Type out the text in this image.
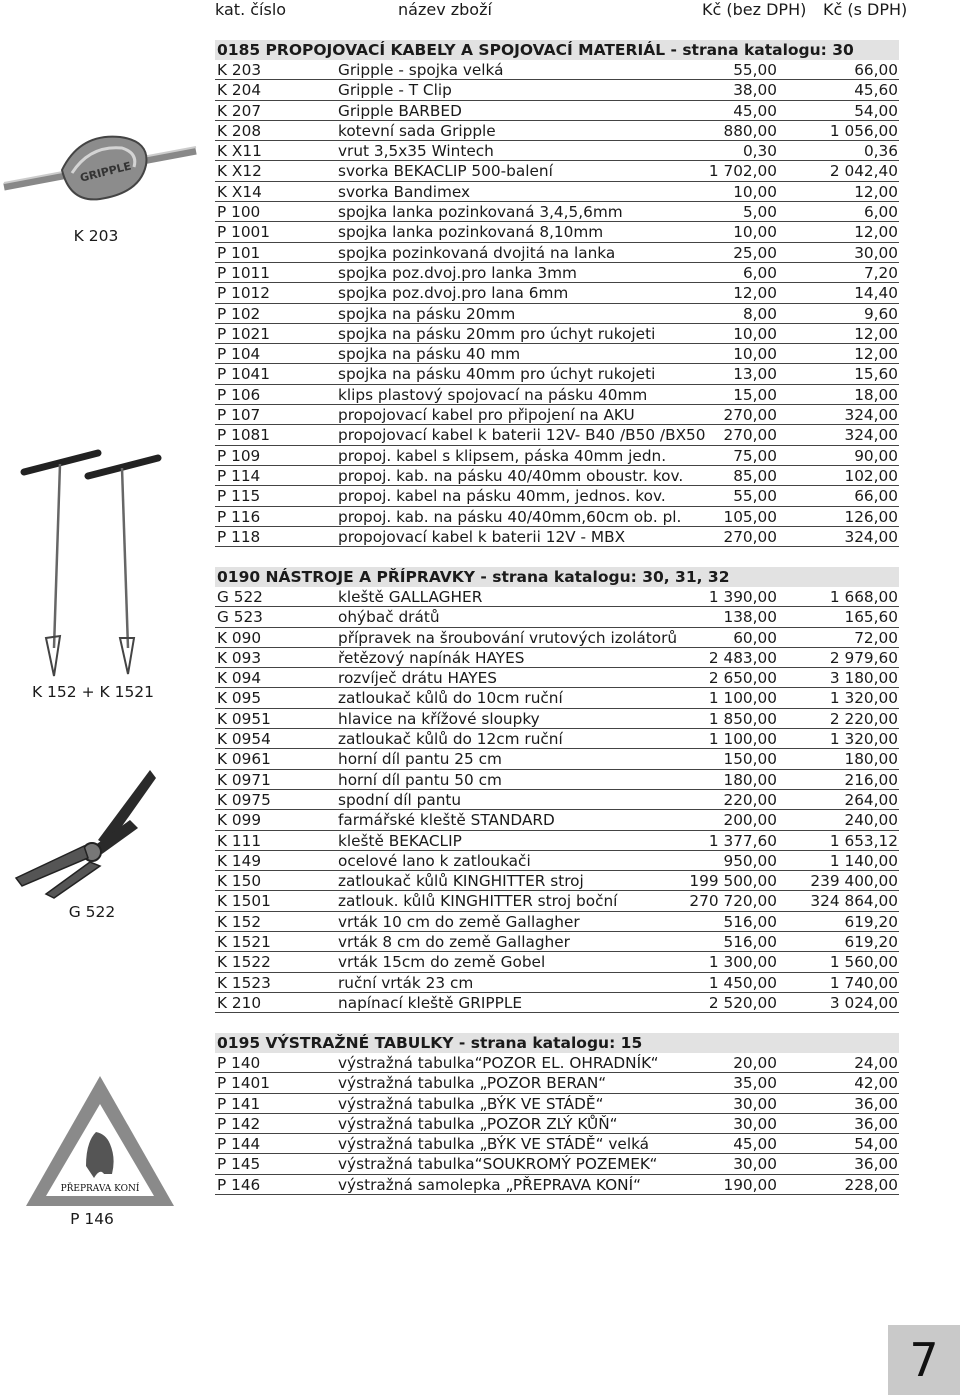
kat. číslo	název zboží	Kč (bez DPH) Kč (s DPH)
0185 PROPOJOVACÍ KABELY A SPOJOVACÍ MATERIÁL - strana katalogu: 30
K 203	Gripple - spojka velká	55,00	66,00
K 204	Gripple - T Clip	38,00	45,60
K 207	Gripple BARBED	45,00	54,00
K 208	kotevní sada Gripple	880,00	1 056,00
K X11	vrut 3,5x35 Wintech	0,30	0,36
K X12	svorka BEKACLIP 500-balení	1 702,00	2 042,40
K X14	svorka Bandimex	10,00	12,00
P 100	spojka lanka pozinkovaná 3,4,5,6mm	5,00	6,00
P 1001	spojka lanka pozinkovaná 8,10mm	10,00	12,00
P 101	spojka pozinkovaná dvojitá na lanka	25,00	30,00
P 1011	spojka poz.dvoj.pro lanka 3mm	6,00	7,20
P 1012	spojka poz.dvoj.pro lana 6mm	12,00	14,40
P 102	spojka na pásku 20mm	8,00	9,60
P 1021	spojka na pásku 20mm pro úchyt rukojeti	10,00	12,00
P 104	spojka na pásku 40 mm	10,00	12,00
P 1041	spojka na pásku 40mm pro úchyt rukojeti	13,00	15,60
P 106	klips plastový spojovací na pásku 40mm	15,00	18,00
P 107	propojovací kabel pro připojení na AKU	270,00	324,00
P 1081	propojovací kabel k baterii 12V- B40 /B50 /BX50	270,00	324,00
P 109	propoj. kabel s klipsem, páska 40mm jedn.	75,00	90,00
P 114	propoj. kab. na pásku 40/40mm oboustr. kov.	85,00	102,00
P 115	propoj. kabel na pásku 40mm, jednos. kov.	55,00	66,00
P 116	propoj. kab. na pásku 40/40mm,60cm ob. pl.	105,00	126,00
P 118	propojovací kabel k baterii 12V - MBX	270,00	324,00
0190 NÁSTROJE A PŘÍPRAVKY - strana katalogu: 30, 31, 32
G 522	kleště GALLAGHER	1 390,00	1 668,00
G 523	ohýbač drátů	138,00	165,60
K 090	přípravek na šroubování vrutových izolátorů	60,00	72,00
K 093	řetězový napínák HAYES	2 483,00	2 979,60
K 094	rozvíječ drátu HAYES	2 650,00	3 180,00
K 095	zatloukač kůlů do 10cm ruční	1 100,00	1 320,00
K 0951	hlavice na křížové sloupky	1 850,00	2 220,00
K 0954	zatloukač kůlů do 12cm ruční	1 100,00	1 320,00
K 0961	horní díl pantu 25 cm	150,00	180,00
K 0971	horní díl pantu 50 cm	180,00	216,00
K 0975	spodní díl pantu	220,00	264,00
K 099	farmářské kleště STANDARD	200,00	240,00
K 111	kleště BEKACLIP	1 377,60	1 653,12
K 149	ocelové lano k zatloukači	950,00	1 140,00
K 150	zatloukač kůlů KINGHITTER stroj	199 500,00 239 400,00
K 1501	zatlouk. kůlů KINGHITTER stroj boční	270 720,00 324 864,00
K 152	vrták 10 cm do země Gallagher	516,00	619,20
K 1521	vrták 8 cm do země Gallagher	516,00	619,20
K 1522	vrták 15cm do země Gobel	1 300,00	1 560,00
K 1523	ruční vrták 23 cm	1 450,00	1 740,00
K 210	napínací kleště GRIPPLE	2 520,00	3 024,00
0195 VÝSTRAŽNÉ TABULKY - strana katalogu: 15
P 140	výstražná tabulka“POZOR EL. OHRADNÍK“	20,00	24,00
P 1401	výstražná tabulka „POZOR BERAN“	35,00	42,00
P 141	výstražná tabulka „BÝK VE STÁDĚ“	30,00	36,00
P 142	výstražná tabulka „POZOR ZLÝ KŮŇ“	30,00	36,00
P 144	výstražná tabulka „BÝK VE STÁDĚ“ velká	45,00	54,00
P 145	výstražná tabulka“SOUKROMÝ POZEMEK“	30,00	36,00
P 146	výstražná samolepka „PŘEPRAVA KONÍ“	190,00	228,00
GRIPPLE
K 203
K 152 + K 1521
G 522
PŘEPRAVA KONÍ
P 146
7
